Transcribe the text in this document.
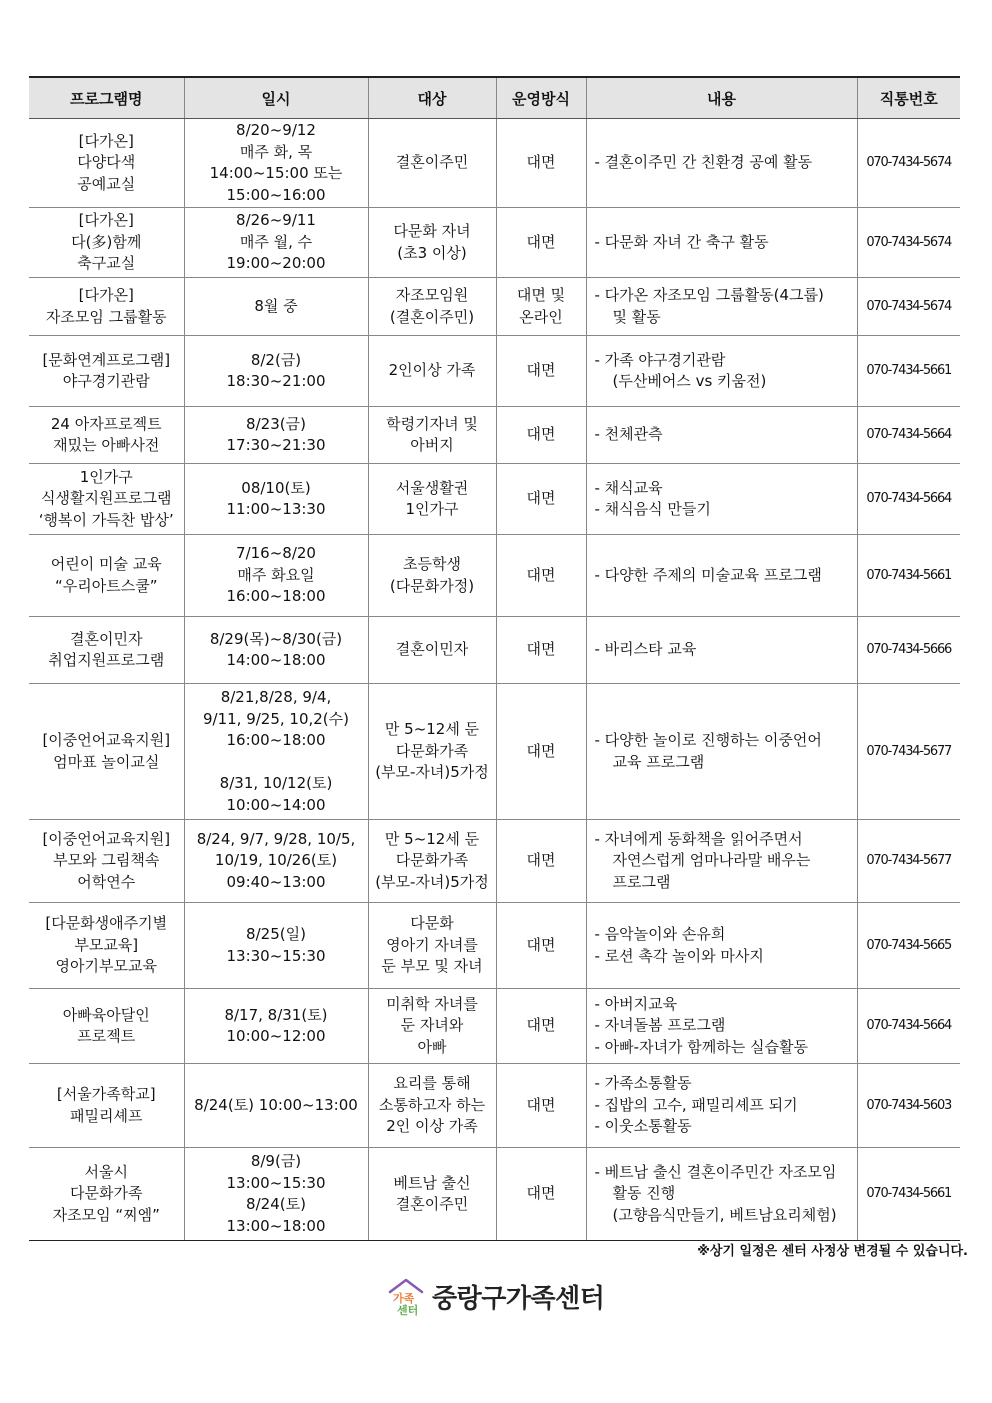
프로그램명	일시	대상	운영방식	내용	직통번호

[다가온]
다양다색
공예교실	8/20~9/12
매주 화, 목
14:00~15:00 또는
15:00~16:00	결혼이주민	대면	- 결혼이주민 간 친환경 공예 활동	070-7434-5674

[다가온]
다(多)함께
축구교실	8/26~9/11
매주 월, 수
19:00~20:00	다문화 자녀
(초3 이상)	대면	- 다문화 자녀 간 축구 활동	070-7434-5674

[다가온]
자조모임 그룹활동	8월 중	자조모임원
(결혼이주민)	대면 및
온라인	- 다가온 자조모임 그룹활동(4그룹)
및 활동	070-7434-5674

[문화연계프로그램]
야구경기관람	8/2(금)
18:30~21:00	2인이상 가족	대면	- 가족 야구경기관람
(두산베어스 vs 키움전)	070-7434-5661

24 아자프로젝트
재밌는 아빠사전	8/23(금)
17:30~21:30	학령기자녀 및
아버지	대면	- 천체관측	070-7434-5664

1인가구
식생활지원프로그램
‘행복이 가득찬 밥상’	08/10(토)
11:00~13:30	서울생활권
1인가구	대면	- 채식교육
- 채식음식 만들기	070-7434-5664

어린이 미술 교육
“우리아트스쿨”	7/16~8/20
매주 화요일
16:00~18:00	초등학생
(다문화가정)	대면	- 다양한 주제의 미술교육 프로그램	070-7434-5661

결혼이민자
취업지원프로그램	8/29(목)~8/30(금)
14:00~18:00	결혼이민자	대면	- 바리스타 교육	070-7434-5666

[이중언어교육지원]
엄마표 놀이교실	8/21,8/28, 9/4,
9/11, 9/25, 10,2(수)
16:00~18:00

8/31, 10/12(토)
10:00~14:00	만 5~12세 둔
다문화가족
(부모-자녀)5가정	대면	- 다양한 놀이로 진행하는 이중언어
교육 프로그램	070-7434-5677

[이중언어교육지원]
부모와 그림책속
어학연수	8/24, 9/7, 9/28, 10/5,
10/19, 10/26(토)
09:40~13:00	만 5~12세 둔
다문화가족
(부모-자녀)5가정	대면	- 자녀에게 동화책을 읽어주면서
자연스럽게 엄마나라말 배우는
프로그램	070-7434-5677

[다문화생애주기별
부모교육]
영아기부모교육	8/25(일)
13:30~15:30	다문화
영아기 자녀를
둔 부모 및 자녀	대면	- 음악놀이와 손유희
- 로션 촉각 놀이와 마사지	070-7434-5665

아빠육아달인
프로젝트	8/17, 8/31(토)
10:00~12:00	미취학 자녀를
둔 자녀와
아빠	대면	- 아버지교육
- 자녀돌봄 프로그램
- 아빠-자녀가 함께하는 실습활동	070-7434-5664

[서울가족학교]
패밀리셰프	8/24(토) 10:00~13:00	요리를 통해
소통하고자 하는
2인 이상 가족	대면	- 가족소통활동
- 집밥의 고수, 패밀리셰프 되기
- 이웃소통활동	070-7434-5603

서울시
다문화가족
자조모임 “찌엠”	8/9(금)
13:00~15:30
8/24(토)
13:00~18:00	베트남 출신
결혼이주민	대면	- 베트남 출신 결혼이주민간 자조모임
활동 진행
(고향음식만들기, 베트남요리체험)	070-7434-5661
※상기 일정은 센터 사정상 변경될 수 있습니다.
가족
센터 중랑구가족센터
